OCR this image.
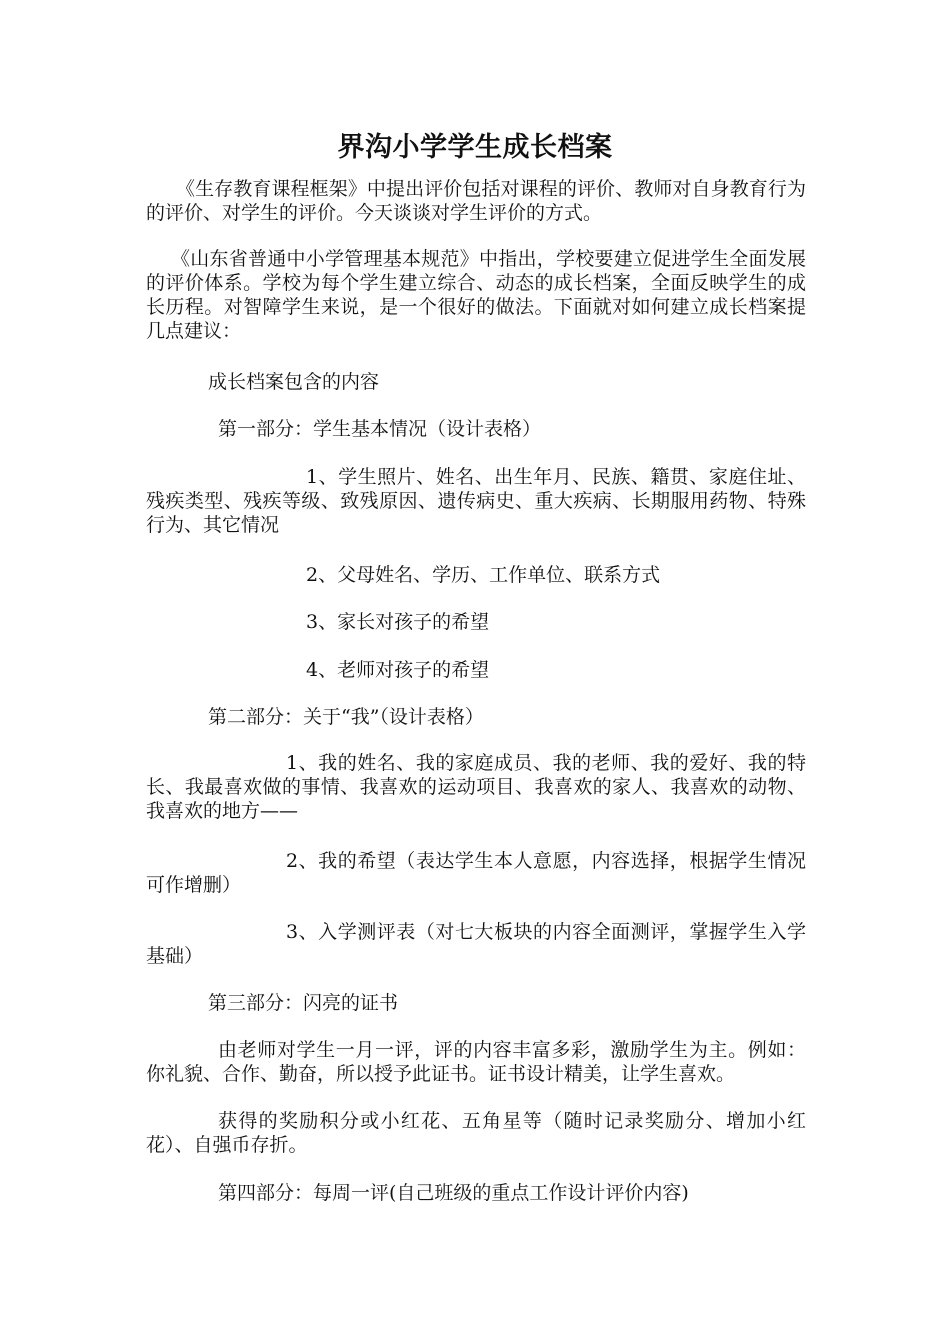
界沟小学学生成长档案

《生存教育课程框架》中提出评价包括对课程的评价、教师对自身教育行为的评价、对学生的评价。今天谈谈对学生评价的方式。

《山东省普通中小学管理基本规范》中指出，学校要建立促进学生全面发展的评价体系。学校为每个学生建立综合、动态的成长档案，全面反映学生的成长历程。对智障学生来说，是一个很好的做法。下面就对如何建立成长档案提几点建议：

成长档案包含的内容

第一部分：学生基本情况（设计表格）

1、学生照片、姓名、出生年月、民族、籍贯、家庭住址、残疾类型、残疾等级、致残原因、遗传病史、重大疾病、长期服用药物、特殊行为、其它情况

2、父母姓名、学历、工作单位、联系方式

3、家长对孩子的希望

4、老师对孩子的希望

第二部分：关于“我”（设计表格）

1、我的姓名、我的家庭成员、我的老师、我的爱好、我的特长、我最喜欢做的事情、我喜欢的运动项目、我喜欢的家人、我喜欢的动物、我喜欢的地方——

2、我的希望（表达学生本人意愿，内容选择，根据学生情况可作增删）

3、入学测评表（对七大板块的内容全面测评，掌握学生入学基础）

第三部分：闪亮的证书

由老师对学生一月一评，评的内容丰富多彩，激励学生为主。例如：你礼貌、合作、勤奋，所以授予此证书。证书设计精美，让学生喜欢。

获得的奖励积分或小红花、五角星等（随时记录奖励分、增加小红花）、自强币存折。

第四部分：每周一评(自己班级的重点工作设计评价内容)
